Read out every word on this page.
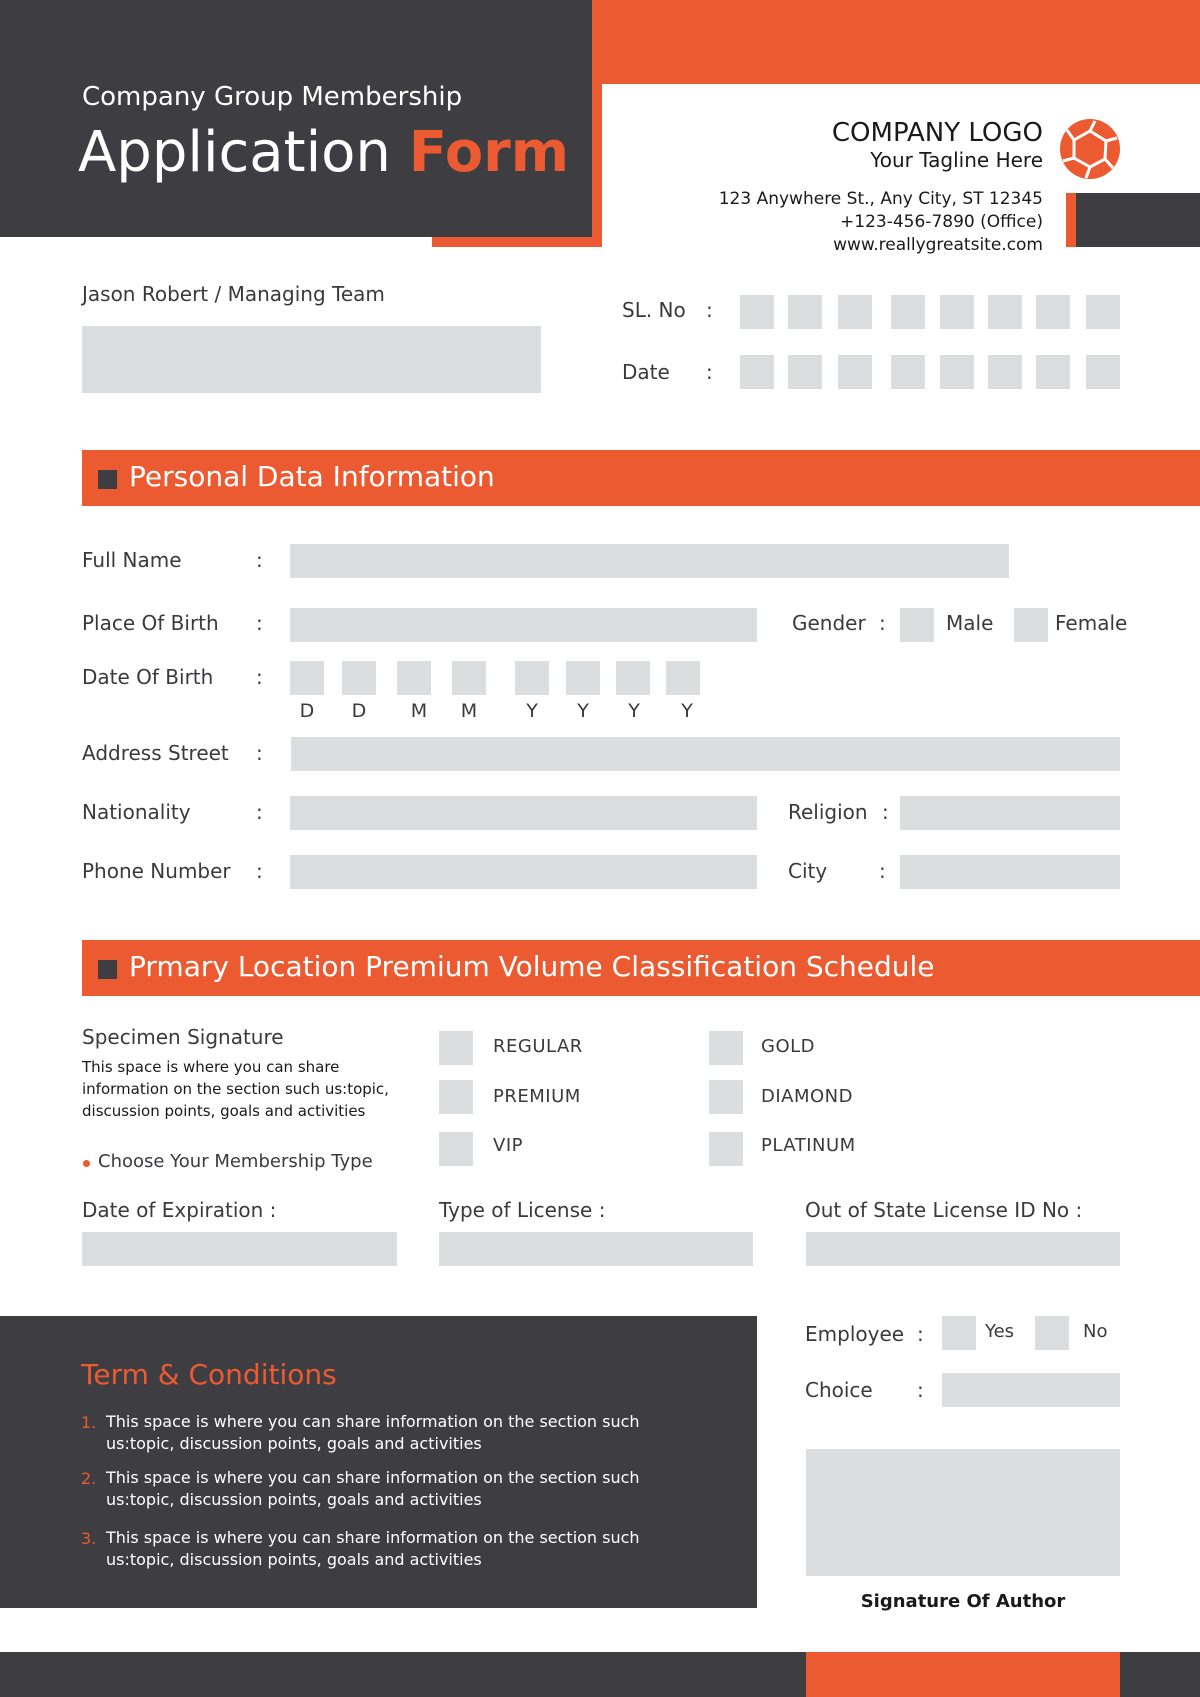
Company Group Membership
Application Form	COMPANY LOGO
Your Tagline Here
123 Anywhere St., Any City, ST 12345
+123-456-7890 (Office)
www.reallygreatsite.com
Jason Robert / Managing Team
SL. No :
Date :
Personal Data Information
Full Name	:
Place Of Birth :	Gender :	Male	Female
Date Of Birth :
D	D	M	M	Y	Y	Y	Y
Address Street :
Nationality	:	Religion :
Phone Number :	City	:
Prmary Location Premium Volume Classification Schedule
Specimen Signature
This space is where you can share information on the section such us:topic, discussion points, goals and activities
Choose Your Membership Type
REGULAR
PREMIUM
VIP
GOLD
DIAMOND
PLATINUM
Date of Expiration :	Type of License :	Out of State License ID No :
Term & Conditions
1. This space is where you can share information on the section such us:topic, discussion points, goals and activities
2. This space is where you can share information on the section such us:topic, discussion points, goals and activities
3. This space is where you can share information on the section such us:topic, discussion points, goals and activities
Employee :	Yes	No
Choice :
Signature Of Author
